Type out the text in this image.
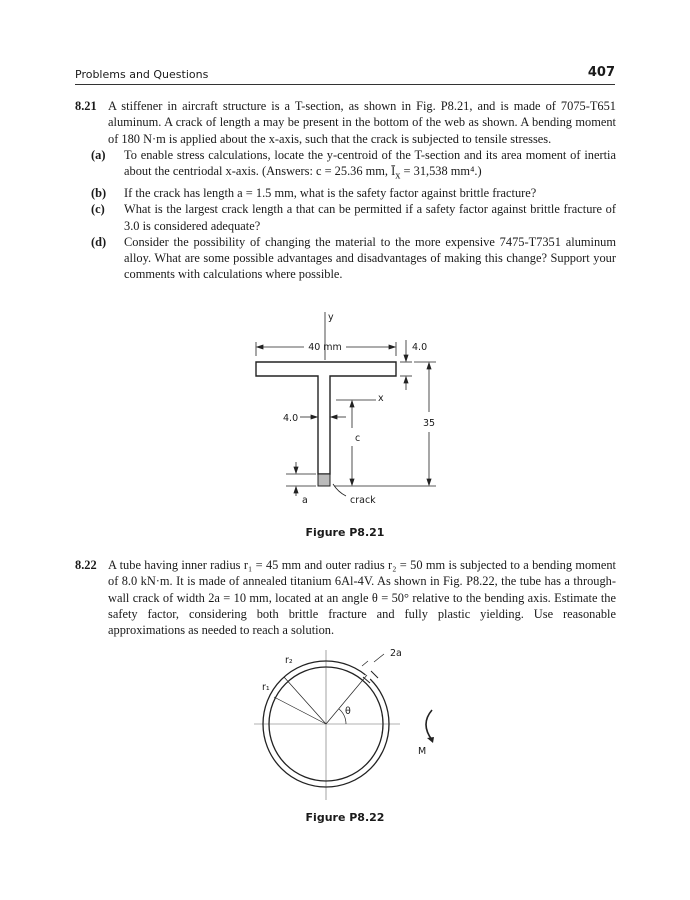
Problems and Questions	407
8.21 A stiffener in aircraft structure is a T-section, as shown in Fig. P8.21, and is made of 7075-T651 aluminum. A crack of length a may be present in the bottom of the web as shown. A bending moment of 180 N·m is applied about the x-axis, such that the crack is subjected to tensile stresses.
(a) To enable stress calculations, locate the y-centroid of the T-section and its area moment of inertia about the centriodal x-axis. (Answers: c = 25.36 mm, $Ī_x = 31,538$ mm⁴.)
(b) If the crack has length a = 1.5 mm, what is the safety factor against brittle fracture?
(c) What is the largest crack length a that can be permitted if a safety factor against brittle fracture of 3.0 is considered adequate?
(d) Consider the possibility of changing the material to the more expensive 7475-T7351 aluminum alloy. What are some possible advantages and disadvantages of making this change? Support your comments with calculations where possible.
y
40 mm	4.0
x
4.0	35
c
a	crack
Figure P8.21
8.22 A tube having inner radius r₁ = 45 mm and outer radius r₂ = 50 mm is subjected to a bending moment of 8.0 kN·m. It is made of annealed titanium 6Al-4V. As shown in Fig. P8.22, the tube has a through-wall crack of width 2a = 10 mm, located at an angle θ = 50° relative to the bending axis. Estimate the safety factor, considering both brittle fracture and fully plastic yielding. Use reasonable approximations as needed to reach a solution.
r₂
r₁
2a
θ
M
Figure P8.22
